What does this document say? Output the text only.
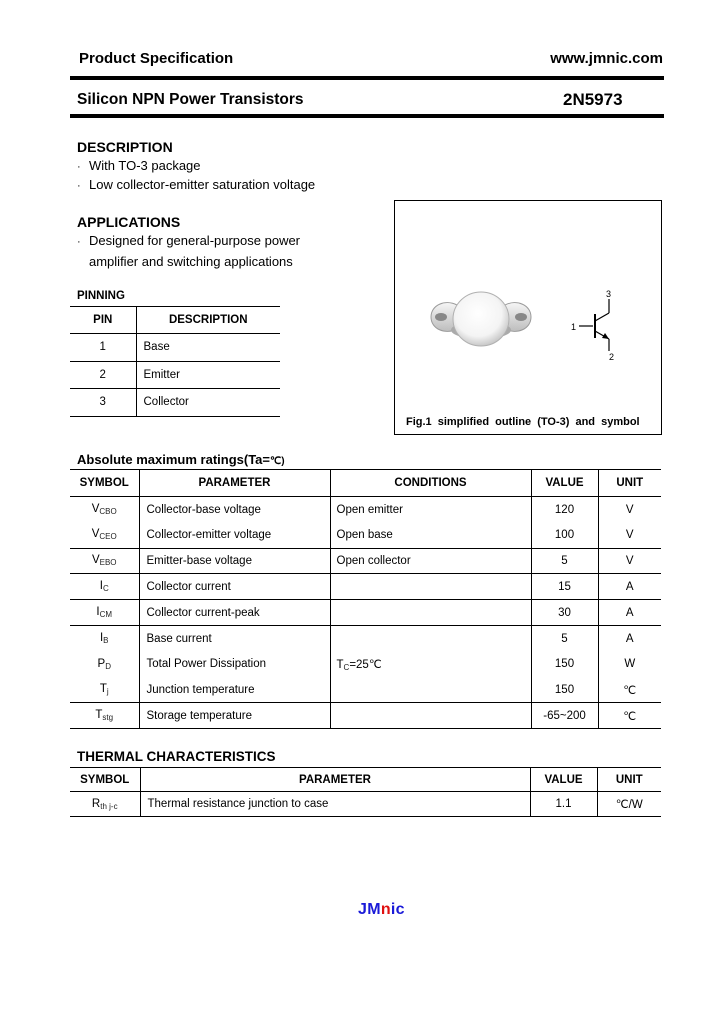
Product Specification	www.jmnic.com
Silicon NPN Power Transistors	2N5973
DESCRIPTION
· With TO-3 package
· Low collector-emitter saturation voltage
APPLICATIONS
· Designed for general-purpose power
amplifier and switching applications
PINNING
PIN	DESCRIPTION
1	Base
2	Emitter
3	Collector
1
2
3
Fig.1 simplified outline (TO-3) and symbol
Absolute maximum ratings(Ta=℃)
SYMBOL	PARAMETER	CONDITIONS	VALUE	UNIT
$V_{CBO}$	Collector-base voltage	Open emitter	120	V
$V_{CEO}$	Collector-emitter voltage	Open base	100	V
$V_{EBO}$	Emitter-base voltage	Open collector	5	V
$I_C$	Collector current		15	A
$I_{CM}$	Collector current-peak		30	A
$I_B$	Base current	$T_C=25℃$	5	A
$P_D$	Total Power Dissipation		150	W
$T_j$	Junction temperature		150	℃
$T_{stg}$	Storage temperature		-65~200	℃
THERMAL CHARACTERISTICS
SYMBOL	PARAMETER	VALUE	UNIT
$R_{th j-c}$	Thermal resistance junction to case	1.1	℃/W
JMnic
